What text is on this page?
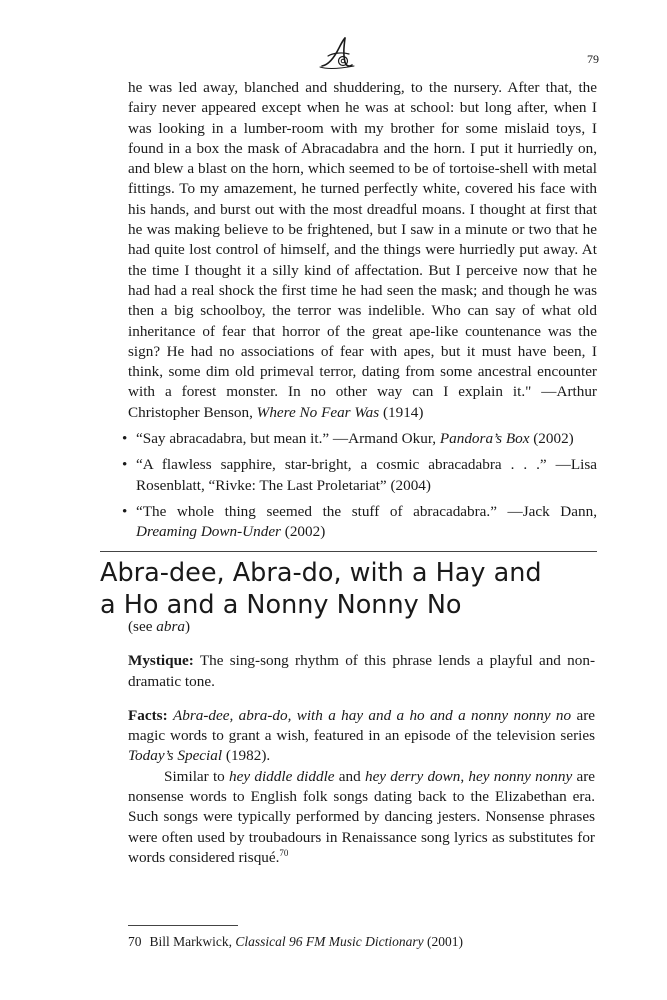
79

he was led away, blanched and shuddering, to the nursery. After that, the fairy never appeared except when he was at school: but long after, when I was looking in a lumber-room with my brother for some mislaid toys, I found in a box the mask of Abracadabra and the horn. I put it hurriedly on, and blew a blast on the horn, which seemed to be of tortoise-shell with metal fittings. To my amazement, he turned perfectly white, covered his face with his hands, and burst out with the most dreadful moans. I thought at first that he was making believe to be frightened, but I saw in a minute or two that he had quite lost control of himself, and the things were hurriedly put away. At the time I thought it a silly kind of affectation. But I perceive now that he had had a real shock the first time he had seen the mask; and though he was then a big schoolboy, the terror was indelible. Who can say of what old inheritance of fear that horror of the great ape-like countenance was the sign? He had no associations of fear with apes, but it must have been, I think, some dim old primeval terror, dating from some ancestral encounter with a forest monster. In no other way can I explain it." —Arthur Christopher Benson, Where No Fear Was (1914)

• “Say abracadabra, but mean it.” —Armand Okur, Pandora’s Box (2002)
• “A flawless sapphire, star-bright, a cosmic abracadabra . . .” —Lisa Rosenblatt, “Rivke: The Last Proletariat” (2004)
• “The whole thing seemed the stuff of abracadabra.” —Jack Dann, Dreaming Down-Under (2002)
Abra-dee, Abra-do, with a Hay and
a Ho and a Nonny Nonny No

(see abra)

Mystique: The sing-song rhythm of this phrase lends a playful and non-dramatic tone.

Facts: Abra-dee, abra-do, with a hay and a ho and a nonny nonny no are magic words to grant a wish, featured in an episode of the television series Today’s Special (1982).

Similar to hey diddle diddle and hey derry down, hey nonny nonny are nonsense words to English folk songs dating back to the Elizabethan era. Such songs were typically performed by dancing jesters. Nonsense phrases were often used by troubadours in Renaissance song lyrics as substitutes for words considered risqué.$^{70}$

70 Bill Markwick, Classical 96 FM Music Dictionary (2001)
